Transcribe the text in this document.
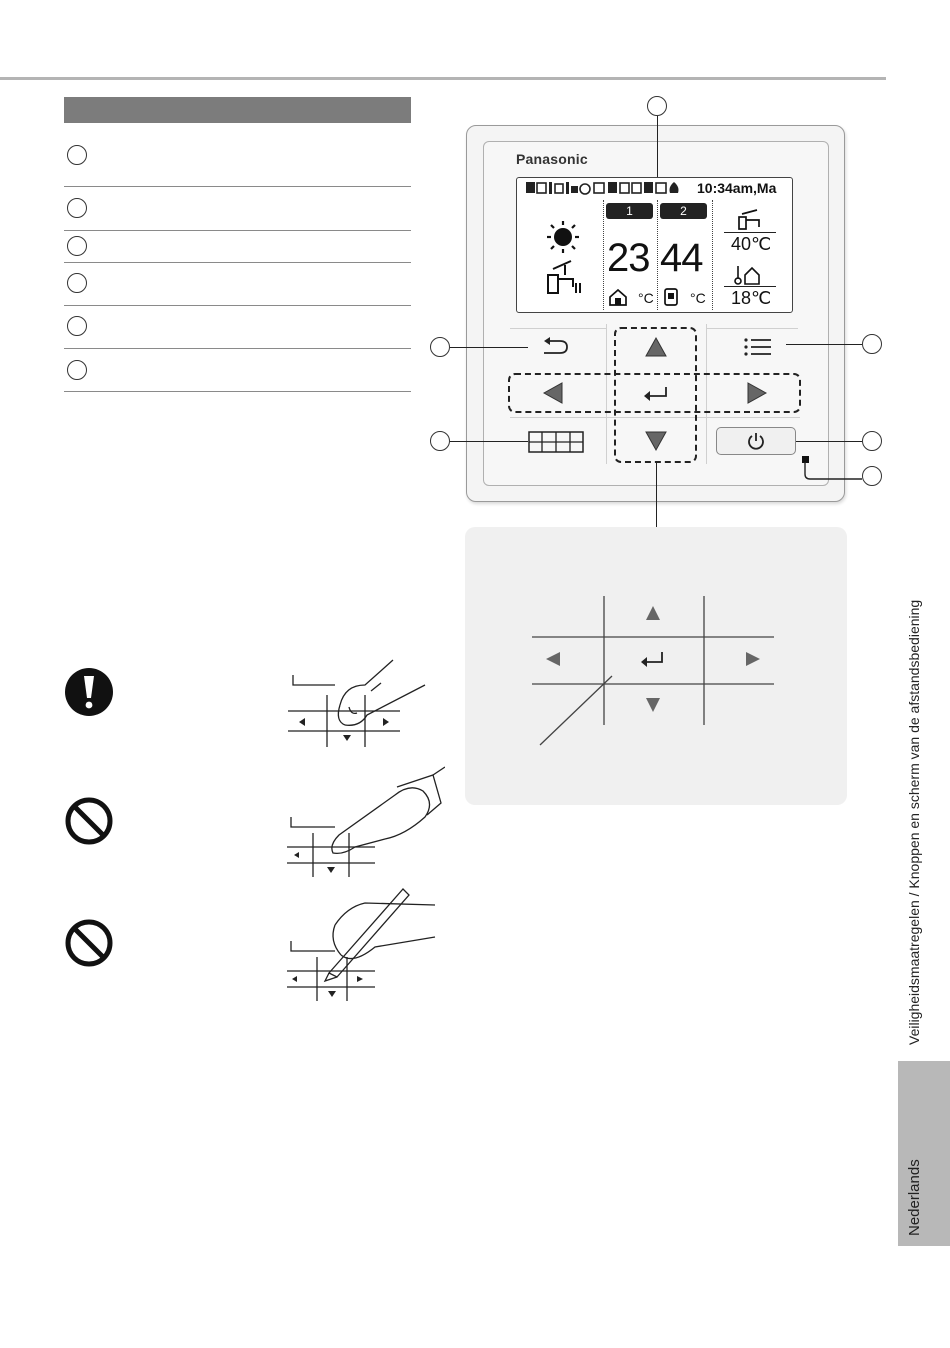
Panasonic
10:34am,Ma
1	2
23 44
°C	°C
40℃
18℃
Veiligheidsmaatregelen / Knoppen en scherm van de afstandsbediening
Nederlands
